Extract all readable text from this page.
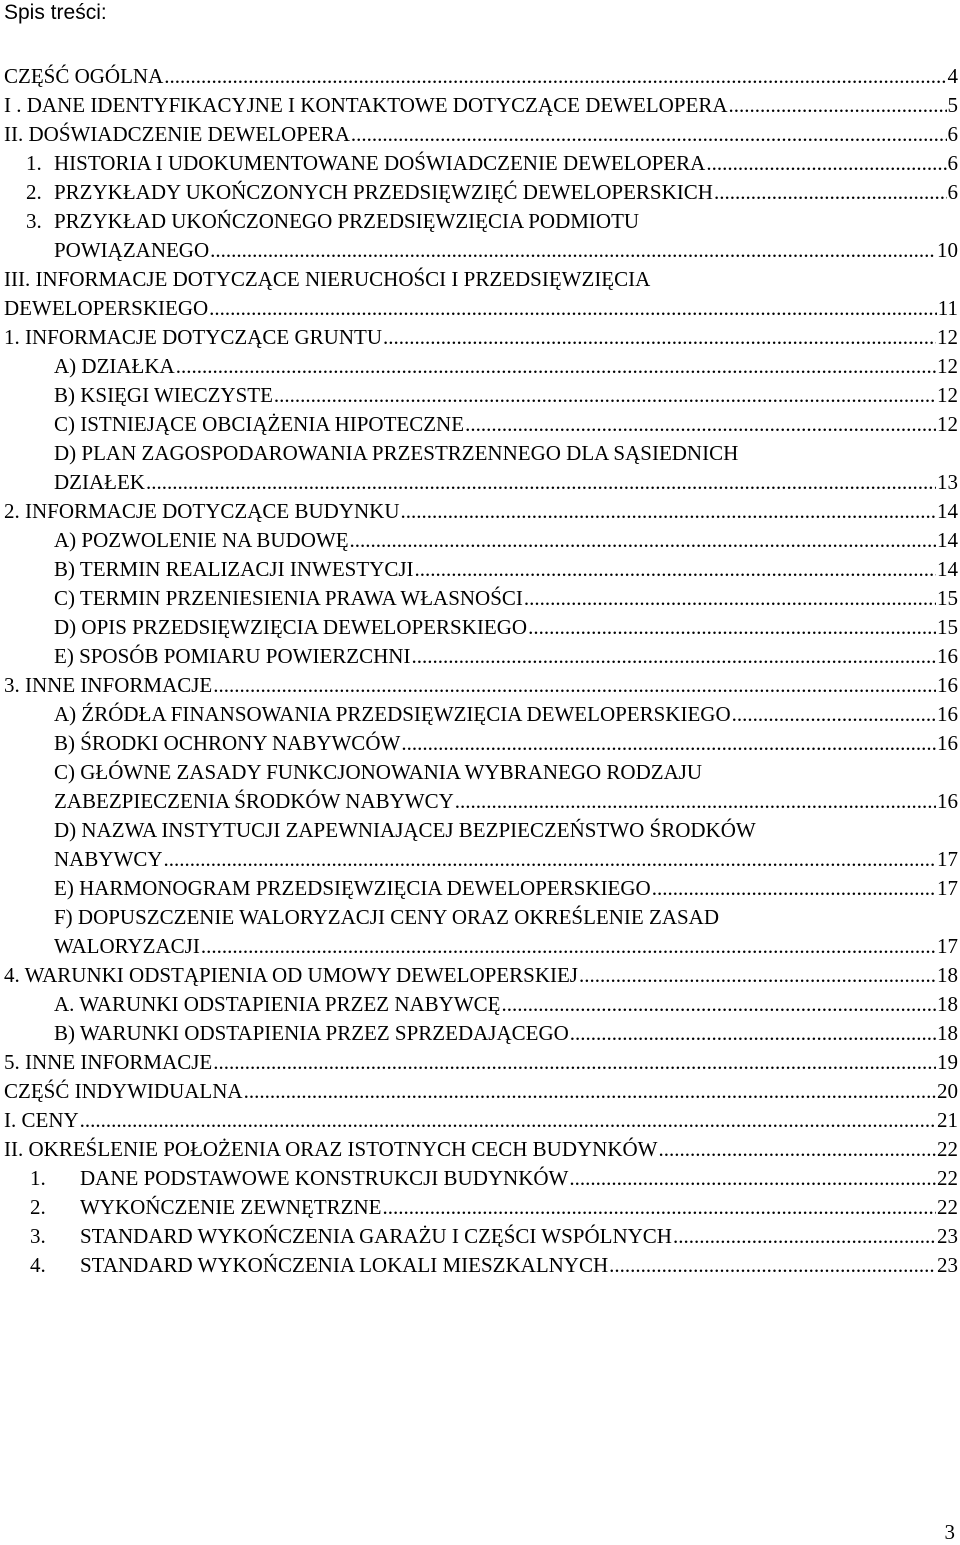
Spis treści:
CZĘŚĆ OGÓLNA .....	4
I . DANE IDENTYFIKACYJNE I KONTAKTOWE DOTYCZĄCE DEWELOPERA .....	5
II. DOŚWIADCZENIE DEWELOPERA .....	6
1. HISTORIA I UDOKUMENTOWANE DOŚWIADCZENIE DEWELOPERA .....	6
2. PRZYKŁADY UKOŃCZONYCH PRZEDSIĘWZIĘĆ DEWELOPERSKICH .....	6
3. PRZYKŁAD UKOŃCZONEGO PRZEDSIĘWZIĘCIA PODMIOTU
POWIĄZANEGO .....	10
III. INFORMACJE DOTYCZĄCE NIERUCHOŚCI I PRZEDSIĘWZIĘCIA
DEWELOPERSKIEGO .....	11
1. INFORMACJE DOTYCZĄCE GRUNTU .....	12
A) DZIAŁKA .....	12
B) KSIĘGI WIECZYSTE .....	12
C) ISTNIEJĄCE OBCIĄŻENIA HIPOTECZNE .....	12
D) PLAN ZAGOSPODAROWANIA PRZESTRZENNEGO DLA SĄSIEDNICH
DZIAŁEK .....	13
2. INFORMACJE DOTYCZĄCE BUDYNKU .....	14
A) POZWOLENIE NA BUDOWĘ .....	14
B) TERMIN REALIZACJI INWESTYCJI .....	14
C) TERMIN PRZENIESIENIA PRAWA WŁASNOŚCI .....	15
D) OPIS PRZEDSIĘWZIĘCIA DEWELOPERSKIEGO .....	15
E) SPOSÓB POMIARU POWIERZCHNI .....	16
3. INNE INFORMACJE .....	16
A) ŹRÓDŁA FINANSOWANIA PRZEDSIĘWZIĘCIA DEWELOPERSKIEGO .....	16
B) ŚRODKI OCHRONY NABYWCÓW .....	16
C) GŁÓWNE ZASADY FUNKCJONOWANIA WYBRANEGO RODZAJU
ZABEZPIECZENIA ŚRODKÓW NABYWCY .....	16
D) NAZWA INSTYTUCJI ZAPEWNIAJĄCEJ BEZPIECZEŃSTWO ŚRODKÓW
NABYWCY .....	17
E) HARMONOGRAM PRZEDSIĘWZIĘCIA DEWELOPERSKIEGO .....	17
F) DOPUSZCZENIE WALORYZACJI CENY ORAZ OKREŚLENIE ZASAD
WALORYZACJI .....	17
4. WARUNKI ODSTĄPIENIA OD UMOWY DEWELOPERSKIEJ .....	18
A. WARUNKI ODSTAPIENIA PRZEZ NABYWCĘ .....	18
B) WARUNKI ODSTAPIENIA PRZEZ SPRZEDAJĄCEGO .....	18
5. INNE INFORMACJE .....	19
CZĘŚĆ INDYWIDUALNA .....	20
I. CENY .....	21
II. OKREŚLENIE POŁOŻENIA ORAZ ISTOTNYCH CECH BUDYNKÓW .....	22
1.	DANE PODSTAWOWE KONSTRUKCJI BUDYNKÓW .....	22
2.	WYKOŃCZENIE ZEWNĘTRZNE .....	22
3.	STANDARD WYKOŃCZENIA GARAŻU I CZĘŚCI WSPÓLNYCH .....	23
4.	STANDARD WYKOŃCZENIA LOKALI MIESZKALNYCH .....	23
3
